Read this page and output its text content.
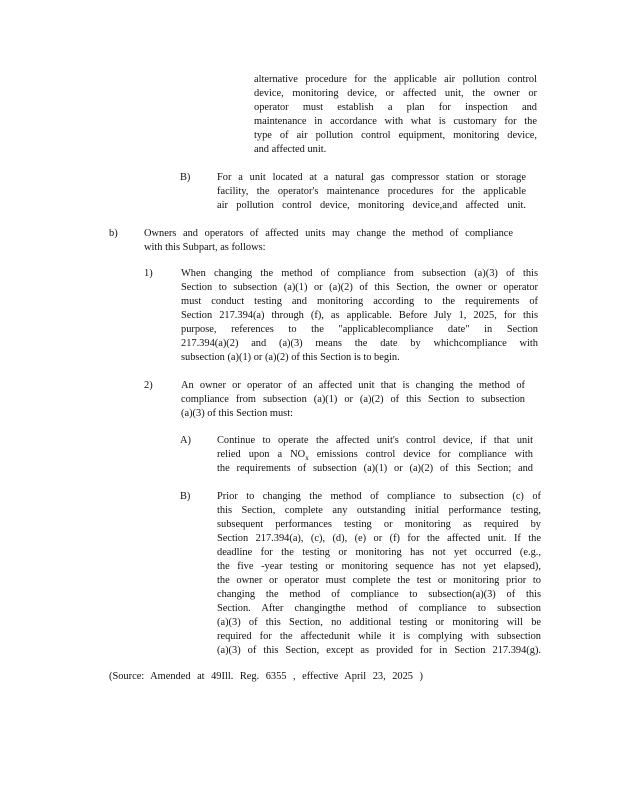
alternative procedure for the applicable air pollution control
device, monitoring device, or affected unit, the owner or
operator must establish a plan for inspection and
maintenance in accordance with what is customary for the
type of air pollution control equipment, monitoring device,
and affected unit.
B)	For a unit located at a natural gas compressor station or storage
facility, the operator's maintenance procedures for the applicable
air pollution control device, monitoring device,and affected unit.
b)	Owners and operators of affected units may change the method of compliance
with this Subpart, as follows:
1)	When changing the method of compliance from subsection (a)(3) of this
Section to subsection (a)(1) or (a)(2) of this Section, the owner or operator
must conduct testing and monitoring according to the requirements of
Section 217.394(a) through (f), as applicable. Before July 1, 2025, for this
purpose, references to the "applicablecompliance date" in Section
217.394(a)(2) and (a)(3) means the date by whichcompliance with
subsection (a)(1) or (a)(2) of this Section is to begin.
2)	An owner or operator of an affected unit that is changing the method of
compliance from subsection (a)(1) or (a)(2) of this Section to subsection
(a)(3) of this Section must:
A)	Continue to operate the affected unit's control device, if that unit
relied upon a $NO_x$ emissions control device for compliance with
the requirements of subsection (a)(1) or (a)(2) of this Section; and
B)	Prior to changing the method of compliance to subsection (c) of
this Section, complete any outstanding initial performance testing,
subsequent performances testing or monitoring as required by
Section 217.394(a), (c), (d), (e) or (f) for the affected unit. If the
deadline for the testing or monitoring has not yet occurred (e.g.,
the five -year testing or monitoring sequence has not yet elapsed),
the owner or operator must complete the test or monitoring prior to
changing the method of compliance to subsection(a)(3) of this
Section. After changingthe method of compliance to subsection
(a)(3) of this Section, no additional testing or monitoring will be
required for the affectedunit while it is complying with subsection
(a)(3) of this Section, except as provided for in Section 217.394(g).
(Source: Amended at 49Ill. Reg. 6355 , effective April 23, 2025 )
